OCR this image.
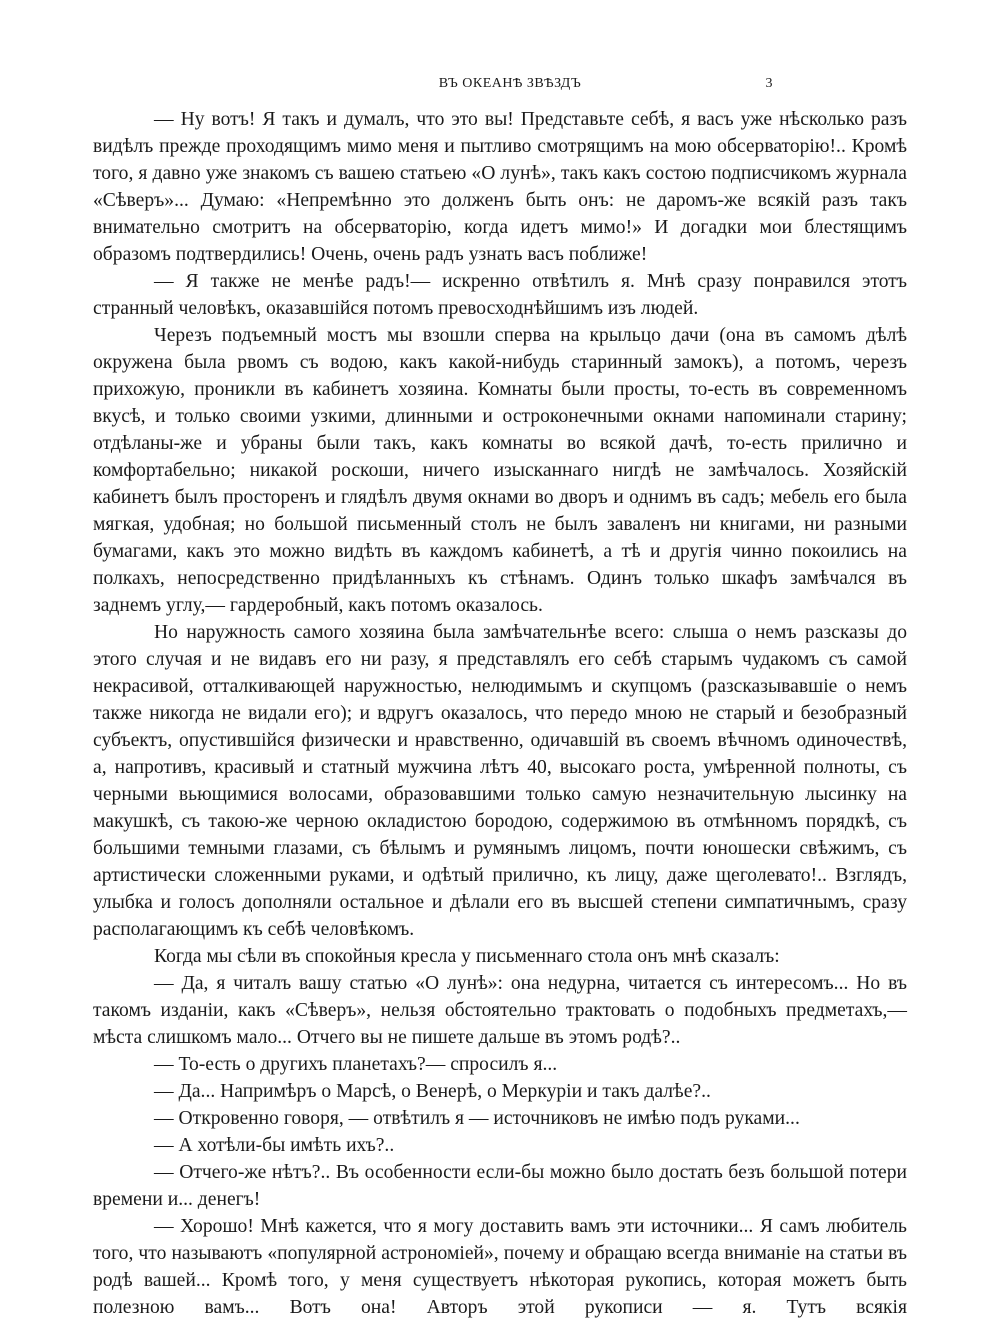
ВЪ ОКЕАНѢ ЗВѢЗДЪ	3

— Ну вотъ! Я такъ и думалъ, что это вы! Представьте себѣ, я васъ уже нѣсколько разъ видѣлъ прежде проходящимъ мимо меня и пытливо смотрящимъ на мою обсерваторію!.. Кромѣ того, я давно уже знакомъ съ вашею статьею «О лунѣ», такъ какъ состою подписчикомъ журнала «Сѣверъ»... Думаю: «Непремѣнно это долженъ быть онъ: не даромъ-же всякій разъ такъ внимательно смотритъ на обсерваторію, когда идетъ мимо!» И догадки мои блестящимъ образомъ подтвердились! Очень, очень радъ узнать васъ поближе!

— Я также не менѣе радъ!— искренно отвѣтилъ я. Мнѣ сразу понравился этотъ странный человѣкъ, оказавшійся потомъ превосходнѣйшимъ изъ людей.

Черезъ подъемный мостъ мы взошли сперва на крыльцо дачи (она въ самомъ дѣлѣ окружена была рвомъ съ водою, какъ какой-нибудь старинный замокъ), а потомъ, черезъ прихожую, проникли въ кабинетъ хозяина. Комнаты были просты, то-есть въ современномъ вкусѣ, и только своими узкими, длинными и остроконечными окнами напоминали старину; отдѣланы-же и убраны были такъ, какъ комнаты во всякой дачѣ, то-есть прилично и комфортабельно; никакой роскоши, ничего изысканнаго нигдѣ не замѣчалось. Хозяйскій кабинетъ былъ просторенъ и глядѣлъ двумя окнами во дворъ и однимъ въ садъ; мебель его была мягкая, удобная; но большой письменный столъ не былъ заваленъ ни книгами, ни разными бумагами, какъ это можно видѣть въ каждомъ кабинетѣ, а тѣ и другія чинно покоились на полкахъ, непосредственно придѣланныхъ къ стѣнамъ. Одинъ только шкафъ замѣчался въ заднемъ углу,— гардеробный, какъ потомъ оказалось.

Но наружность самого хозяина была замѣчательнѣе всего: слыша о немъ разсказы до этого случая и не видавъ его ни разу, я представлялъ его себѣ старымъ чудакомъ съ самой некрасивой, отталкивающей наружностью, нелюдимымъ и скупцомъ (разсказывавшіе о немъ также никогда не видали его); и вдругъ оказалось, что передо мною не старый и безобразный субъектъ, опустившійся физически и нравственно, одичавшій въ своемъ вѣчномъ одиночествѣ, а, напротивъ, красивый и статный мужчина лѣтъ 40, высокаго роста, умѣренной полноты, съ черными вьющимися волосами, образовавшими только самую незначительную лысинку на макушкѣ, съ такою-же черною окладистою бородою, содержимою въ отмѣнномъ порядкѣ, съ большими темными глазами, съ бѣлымъ и румянымъ лицомъ, почти юношески свѣжимъ, съ артистически сложенными руками, и одѣтый прилично, къ лицу, даже щеголевато!.. Взглядъ, улыбка и голосъ дополняли остальное и дѣлали его въ высшей степени симпатичнымъ, сразу располагающимъ къ себѣ человѣкомъ.

Когда мы сѣли въ спокойныя кресла у письменнаго стола онъ мнѣ сказалъ:

— Да, я читалъ вашу статью «О лунѣ»: она недурна, читается съ интересомъ... Но въ такомъ изданіи, какъ «Сѣверъ», нельзя обстоятельно трактовать о подобныхъ предметахъ,— мѣста слишкомъ мало... Отчего вы не пишете дальше въ этомъ родѣ?..

— То-есть о другихъ планетахъ?— спросилъ я...

— Да... Напримѣръ о Марсѣ, о Венерѣ, о Меркуріи и такъ далѣе?..

— Откровенно говоря, — отвѣтилъ я — источниковъ не имѣю подъ руками...

— А хотѣли-бы имѣть ихъ?..

— Отчего-же нѣтъ?.. Въ особенности если-бы можно было достать безъ большой потери времени и... денегъ!

— Хорошо! Мнѣ кажется, что я могу доставить вамъ эти источники... Я самъ любитель того, что называютъ «популярной астрономіей», почему и обращаю всегда вниманіе на статьи въ родѣ вашей... Кромѣ того, у меня существуетъ нѣкоторая рукопись, которая можетъ быть полезною вамъ... Вотъ она! Авторъ этой рукописи — я. Тутъ всякія
